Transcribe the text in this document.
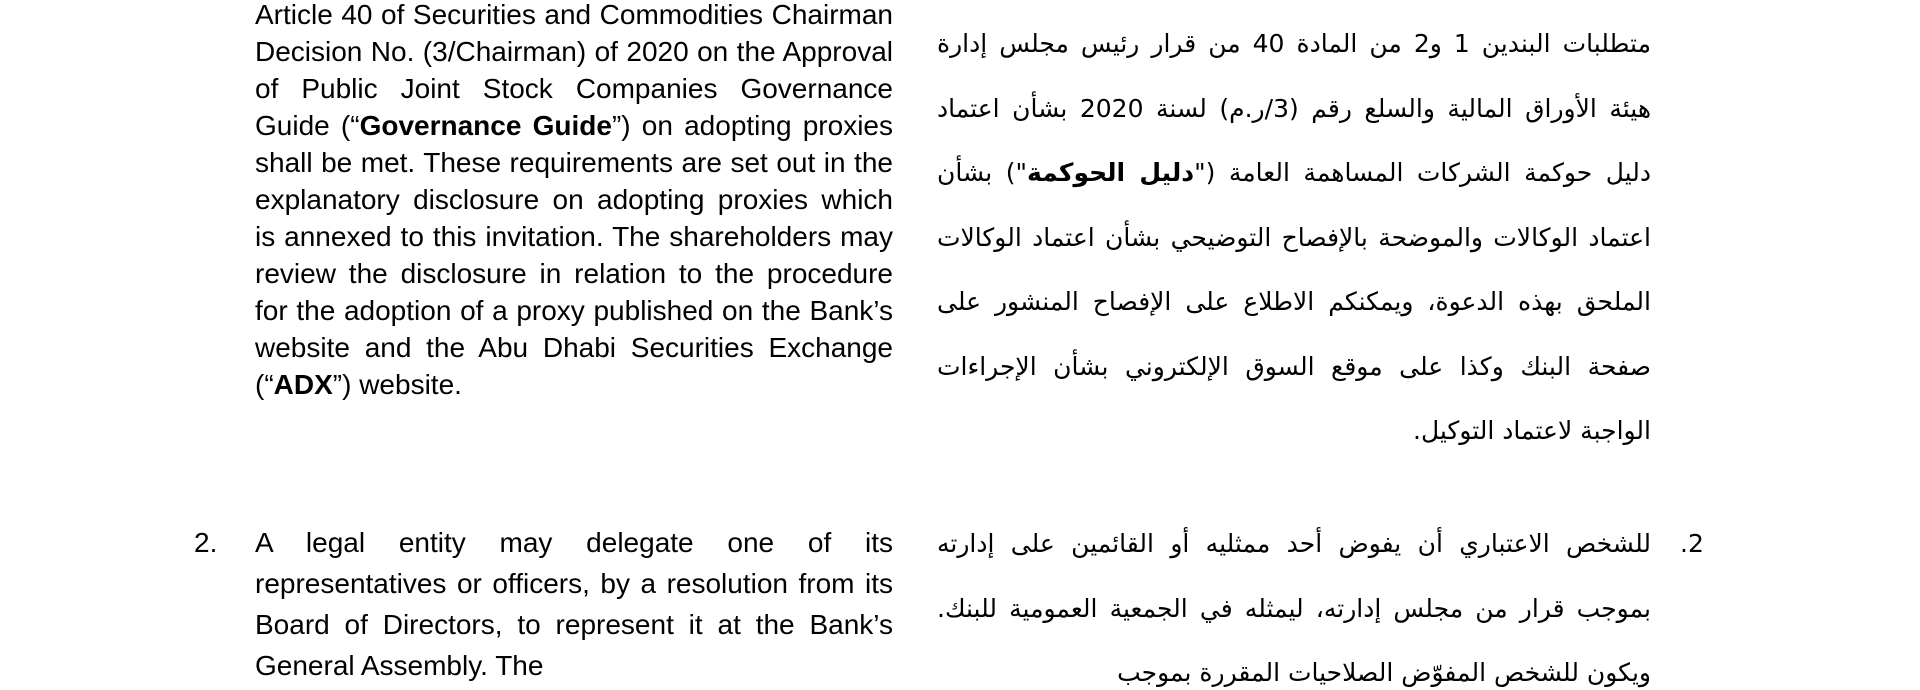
Article 40 of Securities and Commodities Chairman Decision No. (3/Chairman) of 2020 on the Approval of Public Joint Stock Companies Governance Guide (“Governance Guide”) on adopting proxies shall be met. These requirements are set out in the explanatory disclosure on adopting proxies which is annexed to this invitation. The shareholders may review the disclosure in relation to the procedure for the adoption of a proxy published on the Bank’s website and the Abu Dhabi Securities Exchange (“ADX”) website.
2. A legal entity may delegate one of its representatives or officers, by a resolution from its Board of Directors, to represent it at the Bank’s General Assembly. The
متطلبات البندين 1 و2 من المادة 40 من قرار رئيس مجلس إدارة هيئة الأوراق المالية والسلع رقم (3/ر.م) لسنة 2020 بشأن اعتماد دليل حوكمة الشركات المساهمة العامة ("دليل الحوكمة") بشأن اعتماد الوكالات والموضحة بالإفصاح التوضيحي بشأن اعتماد الوكالات الملحق بهذه الدعوة، ويمكنكم الاطلاع على الإفصاح المنشور على صفحة البنك وكذا على موقع السوق الإلكتروني بشأن الإجراءات الواجبة لاعتماد التوكيل.
.2
للشخص الاعتباري أن يفوض أحد ممثليه أو القائمين على إدارته بموجب قرار من مجلس إدارته، ليمثله في الجمعية العمومية للبنك. ويكون للشخص المفوّض الصلاحيات المقررة بموجب
